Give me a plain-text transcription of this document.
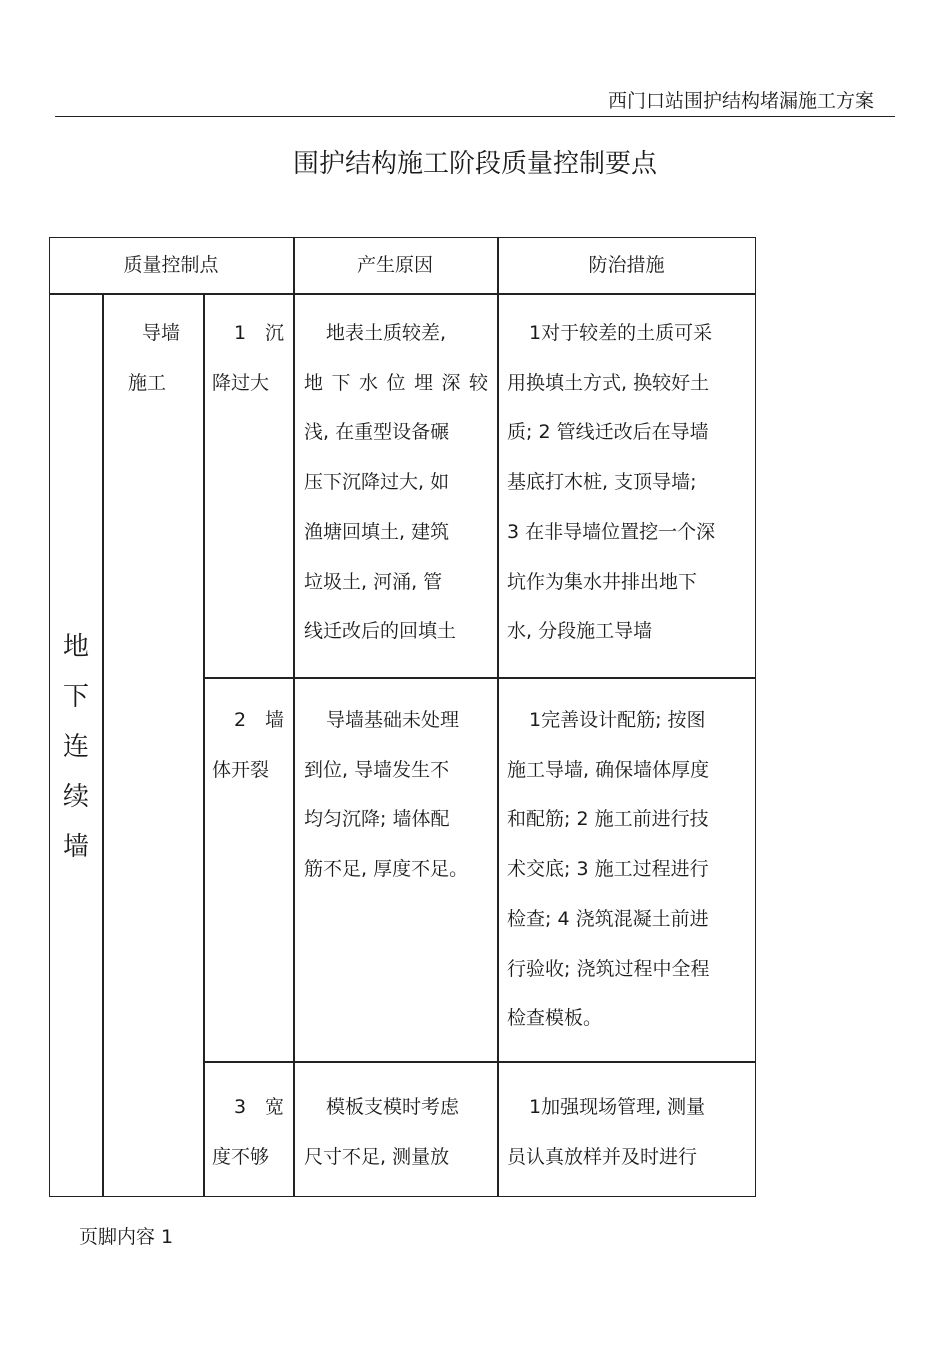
西门口站围护结构堵漏施工方案
围护结构施工阶段质量控制要点
质量控制点	产生原因	防治措施
地
下
连
续
墙
导墙
施工
1 沉
降过大
地表土质较差,
地下水位埋深较
浅, 在重型设备碾
压下沉降过大, 如
渔塘回填土, 建筑
垃圾土, 河涌, 管
线迁改后的回填土
1对于较差的土质可采
用换填土方式, 换较好土
质; 2 管线迁改后在导墙
基底打木桩, 支顶导墙;
3 在非导墙位置挖一个深
坑作为集水井排出地下
水, 分段施工导墙
2 墙
体开裂
导墙基础未处理
到位, 导墙发生不
均匀沉降; 墙体配
筋不足, 厚度不足。
1完善设计配筋; 按图
施工导墙, 确保墙体厚度
和配筋; 2 施工前进行技
术交底; 3 施工过程进行
检查; 4 浇筑混凝土前进
行验收; 浇筑过程中全程
检查模板。
3 宽
度不够
模板支模时考虑
尺寸不足, 测量放
1加强现场管理, 测量
员认真放样并及时进行
页脚内容 1
